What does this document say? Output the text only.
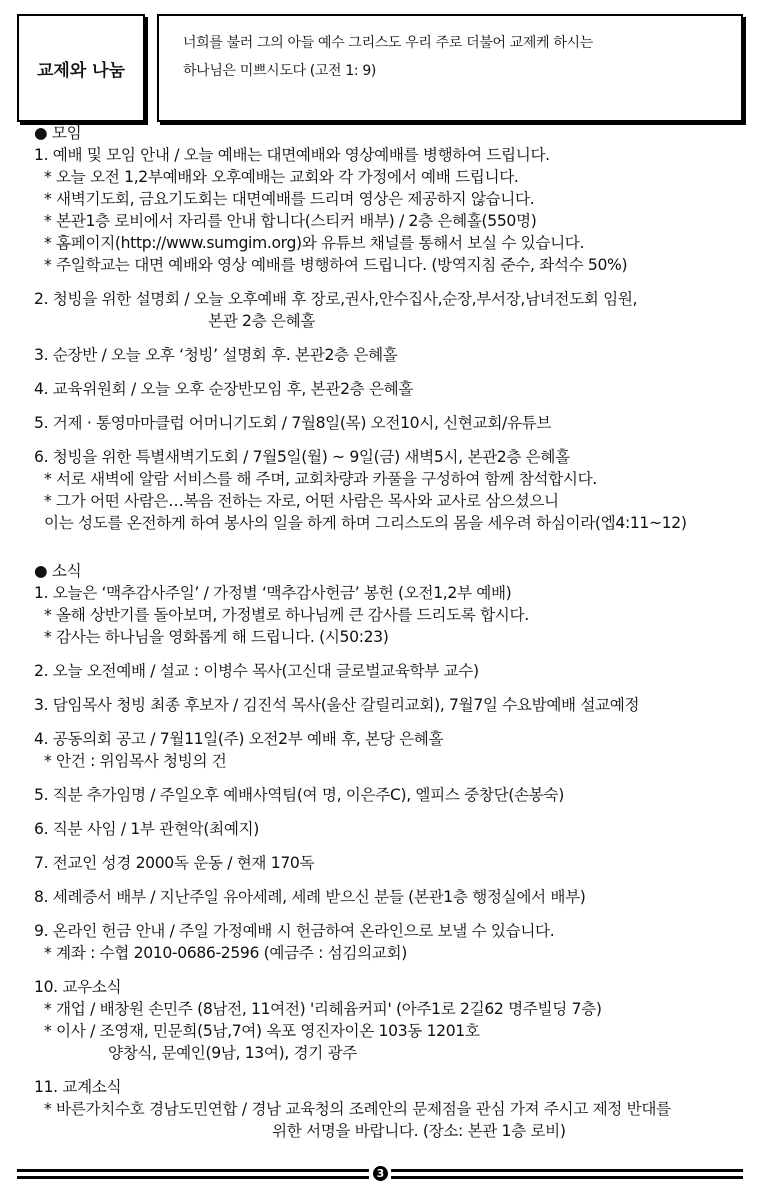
교제와 나눔
너희를 불러 그의 아들 예수 그리스도 우리 주로 더불어 교제케 하시는
하나님은 미쁘시도다 (고전 1: 9)
● 모임
1. 예배 및 모임 안내 / 오늘 예배는 대면예배와 영상예배를 병행하여 드립니다.
* 오늘 오전 1,2부예배와 오후예배는 교회와 각 가정에서 예배 드립니다.
* 새벽기도회, 금요기도회는 대면예배를 드리며 영상은 제공하지 않습니다.
* 본관1층 로비에서 자리를 안내 합니다(스티커 배부) / 2층 은혜홀(550명)
* 홈페이지(http://www.sumgim.org)와 유튜브 채널를 통해서 보실 수 있습니다.
* 주일학교는 대면 예배와 영상 예배를 병행하여 드립니다. (방역지침 준수, 좌석수 50%)
2. 청빙을 위한 설명회 / 오늘 오후예배 후 장로,권사,안수집사,순장,부서장,남녀전도회 임원,
본관 2층 은혜홀
3. 순장반 / 오늘 오후 ‘청빙’ 설명회 후. 본관2층 은혜홀
4. 교육위원회 / 오늘 오후 순장반모임 후, 본관2층 은혜홀
5. 거제 · 통영마마클럽 어머니기도회 / 7월8일(목) 오전10시, 신현교회/유튜브
6. 청빙을 위한 특별새벽기도회 / 7월5일(월) ~ 9일(금) 새벽5시, 본관2층 은혜홀
* 서로 새벽에 알람 서비스를 해 주며, 교회차량과 카풀을 구성하여 함께 참석합시다.
* 그가 어떤 사람은…복음 전하는 자로, 어떤 사람은 목사와 교사로 삼으셨으니
이는 성도를 온전하게 하여 봉사의 일을 하게 하며 그리스도의 몸을 세우려 하심이라(엡4:11~12)
● 소식
1. 오늘은 ‘맥추감사주일’ / 가정별 ‘맥추감사헌금’ 봉헌 (오전1,2부 예배)
* 올해 상반기를 돌아보며, 가정별로 하나님께 큰 감사를 드리도록 합시다.
* 감사는 하나님을 영화롭게 해 드립니다. (시50:23)
2. 오늘 오전예배 / 설교 : 이병수 목사(고신대 글로벌교육학부 교수)
3. 담임목사 청빙 최종 후보자 / 김진석 목사(울산 갈릴리교회), 7월7일 수요밤예배 설교예정
4. 공동의회 공고 / 7월11일(주) 오전2부 예배 후, 본당 은혜홀
* 안건 : 위임목사 청빙의 건
5. 직분 추가임명 / 주일오후 예배사역팀(여 명, 이은주C), 엘피스 중창단(손봉숙)
6. 직분 사임 / 1부 관현악(최예지)
7. 전교인 성경 2000독 운동 / 현재 170독
8. 세례증서 배부 / 지난주일 유아세례, 세례 받으신 분들 (본관1층 행정실에서 배부)
9. 온라인 헌금 안내 / 주일 가정예배 시 헌금하여 온라인으로 보낼 수 있습니다.
* 계좌 : 수협 2010-0686-2596 (예금주 : 섬김의교회)
10. 교우소식
* 개업 / 배창원 손민주 (8남전, 11여전) '리헤윰커피' (아주1로 2길62 명주빌딩 7층)
* 이사 / 조영재, 민문희(5남,7여) 옥포 영진자이온 103동 1201호
양창식, 문예인(9남, 13여), 경기 광주
11. 교계소식
* 바른가치수호 경남도민연합 / 경남 교육청의 조례안의 문제점을 관심 가져 주시고 제정 반대를
위한 서명을 바랍니다. (장소: 본관 1층 로비)
3
